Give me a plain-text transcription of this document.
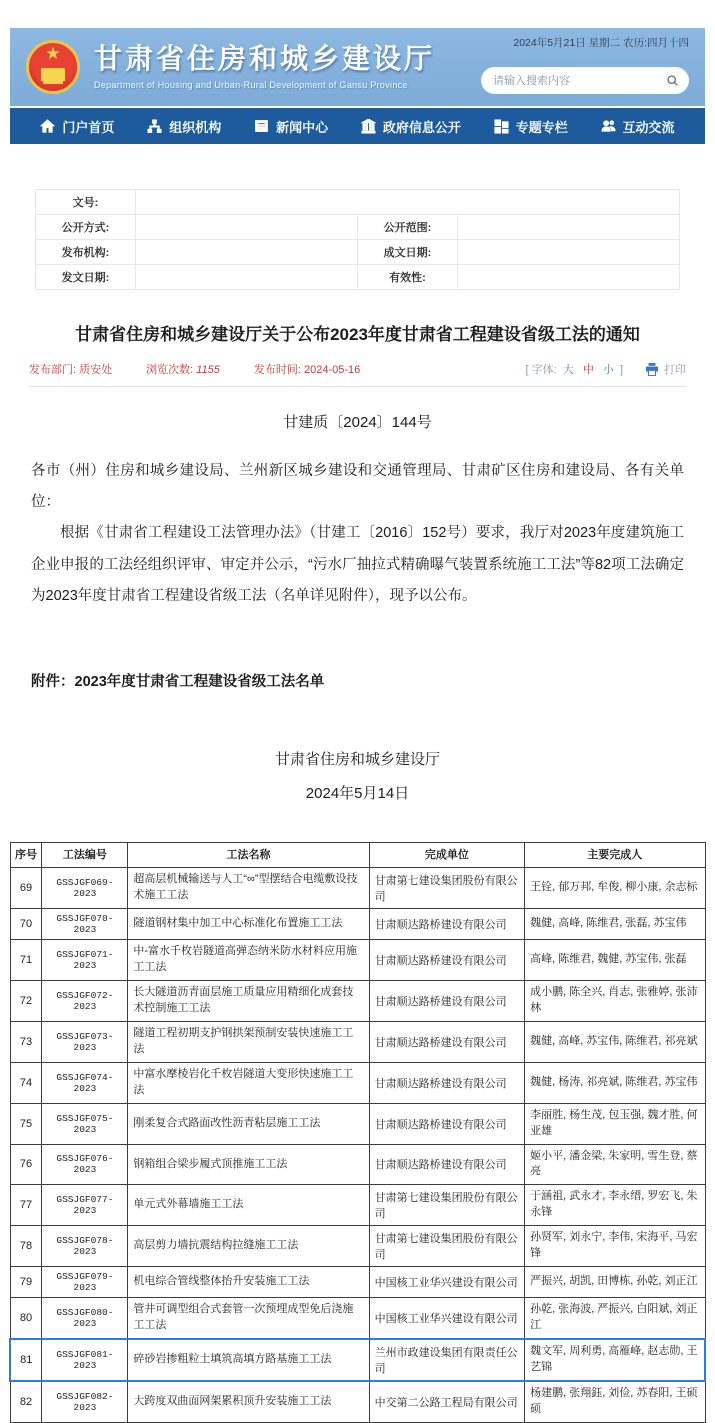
★	甘肃省住房和城乡建设厅
Department of Housing and Urban-Rural Development of Gansu Province
2024年5月21日 星期二 农历:四月十四
请输入搜索内容
门户首页	组织机构	新闻中心	政府信息公开	专题专栏	互动交流
文号:			
公开方式:		公开范围:	
发布机构:		成文日期:	
发文日期:		有效性:	
甘肃省住房和城乡建设厅关于公布2023年度甘肃省工程建设省级工法的通知
发布部门: 质安处	浏览次数: 1155	发布时间: 2024-05-16	[ 字体: 大 中 小 ]	打印
甘建质〔2024〕144号

各市（州）住房和城乡建设局、兰州新区城乡建设和交通管理局、甘肃矿区住房和建设局、各有关单位：

根据《甘肃省工程建设工法管理办法》（甘建工〔2016〕152号）要求，我厅对2023年度建筑施工企业申报的工法经组织评审、审定并公示，“污水厂抽拉式精确曝气装置系统施工工法”等82项工法确定为2023年度甘肃省工程建设省级工法（名单详见附件），现予以公布。

附件：2023年度甘肃省工程建设省级工法名单
甘肃省住房和城乡建设厅
2024年5月14日
序号	工法编号	工法名称	完成单位	主要完成人
69	GSSJGF069-2023	超高层机械输送与人工“∞”型摆结合电缆敷设技术施工工法	甘肃第七建设集团股份有限公司	王铨, 郁万邦, 牟俊, 柳小康, 余志标
70	GSSJGF070-2023	隧道钢材集中加工中心标准化布置施工工法	甘肃顺达路桥建设有限公司	魏健, 高峰, 陈维君, 张磊, 苏宝伟
71	GSSJGF071-2023	中-富水千枚岩隧道高弹态纳米防水材料应用施工工法	甘肃顺达路桥建设有限公司	高峰, 陈维君, 魏健, 苏宝伟, 张磊
72	GSSJGF072-2023	长大隧道沥青面层施工质量应用精细化成套技术控制施工工法	甘肃顺达路桥建设有限公司	成小鹏, 陈全兴, 肖志, 张雅婷, 张沛林
73	GSSJGF073-2023	隧道工程初期支护钢拱架预制安装快速施工工法	甘肃顺达路桥建设有限公司	魏健, 高峰, 苏宝伟, 陈维君, 祁亮斌
74	GSSJGF074-2023	中富水摩棱岩化千枚岩隧道大变形快速施工工法	甘肃顺达路桥建设有限公司	魏健, 杨涛, 祁亮斌, 陈维君, 苏宝伟
75	GSSJGF075-2023	刚柔复合式路面改性沥青粘层施工工法	甘肃顺达路桥建设有限公司	李丽胜, 杨生茂, 包玉强, 魏才胜, 何亚雄
76	GSSJGF076-2023	钢箱组合梁步履式顶推施工工法	甘肃顺达路桥建设有限公司	姬小平, 潘金梁, 朱家明, 雪生登, 蔡亮
77	GSSJGF077-2023	单元式外幕墙施工工法	甘肃第七建设集团股份有限公司	于涵祖, 武永才, 李永缙, 罗宏飞, 朱永锋
78	GSSJGF078-2023	高层剪力墙抗震结构拉缝施工工法	甘肃第七建设集团股份有限公司	孙贤军, 刘永宁, 李伟, 宋海平, 马宏锋
79	GSSJGF079-2023	机电综合管线整体抬升安装施工工法	中国核工业华兴建设有限公司	严振兴, 胡凯, 田博栋, 孙乾, 刘正江
80	GSSJGF080-2023	管井可调型组合式套管一次预埋成型免后浇施工工法	中国核工业华兴建设有限公司	孙乾, 张海波, 严振兴, 白阳斌, 刘正江
81	GSSJGF081-2023	碎砂岩掺粗粒土填筑高填方路基施工工法	兰州市政建设集团有限责任公司	魏文军, 周利勇, 高雁峰, 赵志勋, 王艺锦
82	GSSJGF082-2023	大跨度双曲面网架累积顶升安装施工工法	中交第二公路工程局有限公司	杨建鹏, 张翔鈺, 刘俭, 苏春阳, 王硕硕
